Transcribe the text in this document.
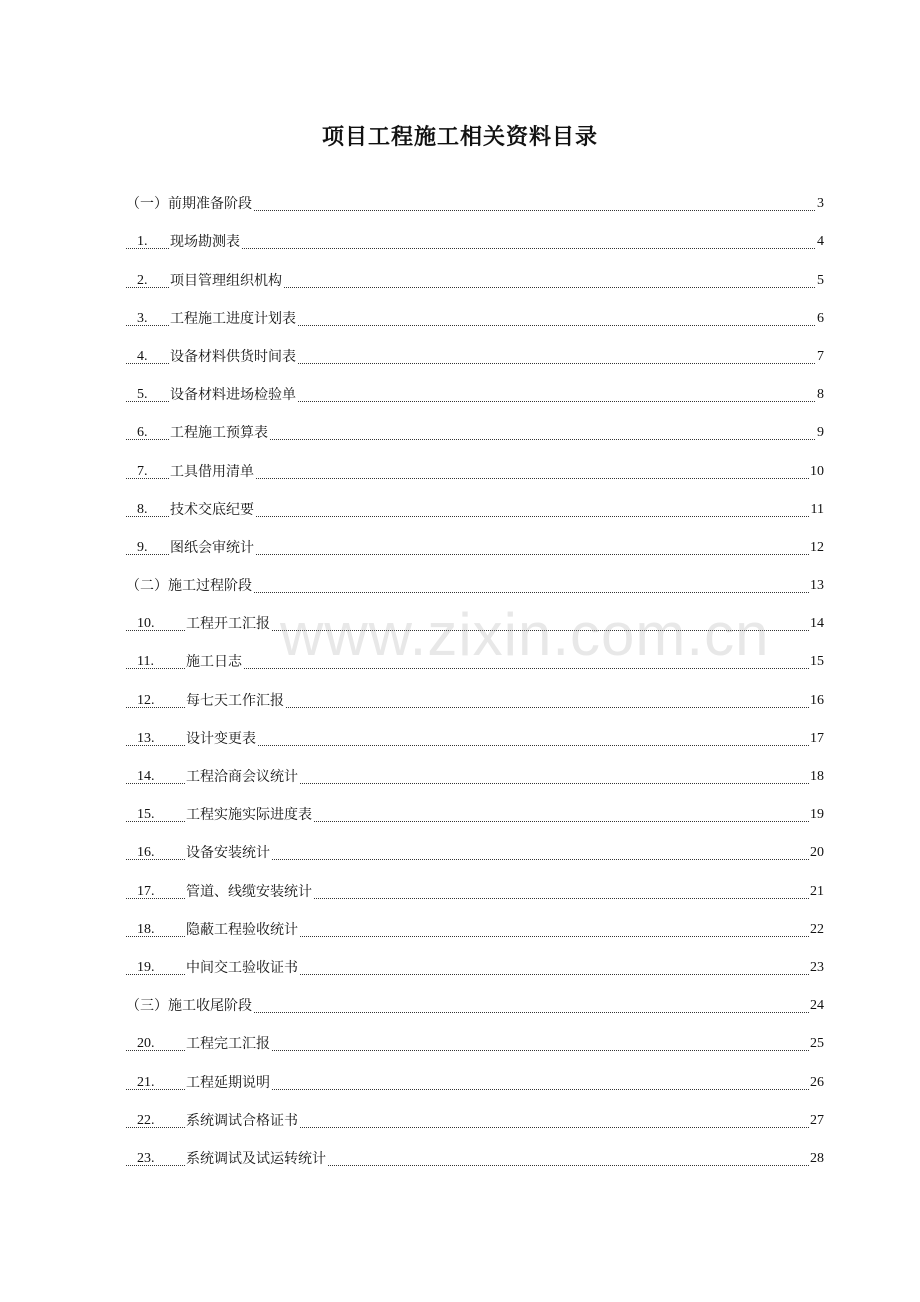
项目工程施工相关资料目录
（一）前期准备阶段	3
1. 现场勘测表	4
2. 项目管理组织机构	5
3. 工程施工进度计划表	6
4. 设备材料供货时间表	7
5. 设备材料进场检验单	8
6. 工程施工预算表	9
7. 工具借用清单	10
8. 技术交底纪要	11
9. 图纸会审统计	12
（二）施工过程阶段	13
10. 工程开工汇报	14
11. 施工日志	15
12. 每七天工作汇报	16
13. 设计变更表	17
14. 工程洽商会议统计	18
15. 工程实施实际进度表	19
16. 设备安装统计	20
17. 管道、线缆安装统计	21
18. 隐蔽工程验收统计	22
19. 中间交工验收证书	23
（三）施工收尾阶段	24
20. 工程完工汇报	25
21. 工程延期说明	26
22. 系统调试合格证书	27
23. 系统调试及试运转统计	28
www.zixin.com.cn
